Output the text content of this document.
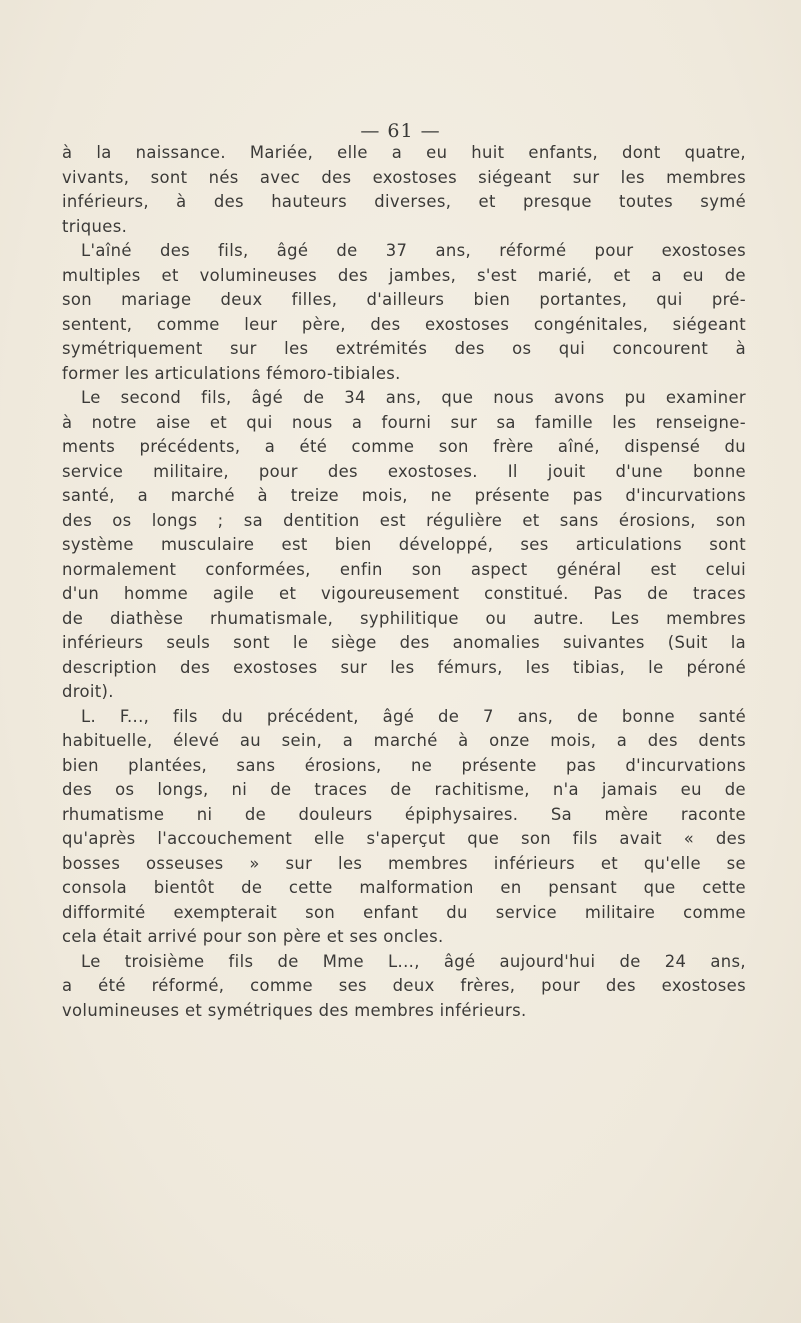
— 61 —
à la naissance. Mariée, elle a eu huit enfants, dont quatre,
vivants, sont nés avec des exostoses siégeant sur les membres
inférieurs, à des hauteurs diverses, et presque toutes symé
triques.
L'aîné des fils, âgé de 37 ans, réformé pour exostoses
multiples et volumineuses des jambes, s'est marié, et a eu de
son mariage deux filles, d'ailleurs bien portantes, qui pré-
sentent, comme leur père, des exostoses congénitales, siégeant
symétriquement sur les extrémités des os qui concourent à
former les articulations fémoro-tibiales.
Le second fils, âgé de 34 ans, que nous avons pu examiner
à notre aise et qui nous a fourni sur sa famille les renseigne-
ments précédents, a été comme son frère aîné, dispensé du
service militaire, pour des exostoses. Il jouit d'une bonne
santé, a marché à treize mois, ne présente pas d'incurvations
des os longs ; sa dentition est régulière et sans érosions, son
système musculaire est bien développé, ses articulations sont
normalement conformées, enfin son aspect général est celui
d'un homme agile et vigoureusement constitué. Pas de traces
de diathèse rhumatismale, syphilitique ou autre. Les membres
inférieurs seuls sont le siège des anomalies suivantes (Suit la
description des exostoses sur les fémurs, les tibias, le péroné
droit).
L. F..., fils du précédent, âgé de 7 ans, de bonne santé
habituelle, élevé au sein, a marché à onze mois, a des dents
bien plantées, sans érosions, ne présente pas d'incurvations
des os longs, ni de traces de rachitisme, n'a jamais eu de
rhumatisme ni de douleurs épiphysaires. Sa mère raconte
qu'après l'accouchement elle s'aperçut que son fils avait « des
bosses osseuses » sur les membres inférieurs et qu'elle se
consola bientôt de cette malformation en pensant que cette
difformité exempterait son enfant du service militaire comme
cela était arrivé pour son père et ses oncles.
Le troisième fils de Mme L..., âgé aujourd'hui de 24 ans,
a été réformé, comme ses deux frères, pour des exostoses
volumineuses et symétriques des membres inférieurs.
